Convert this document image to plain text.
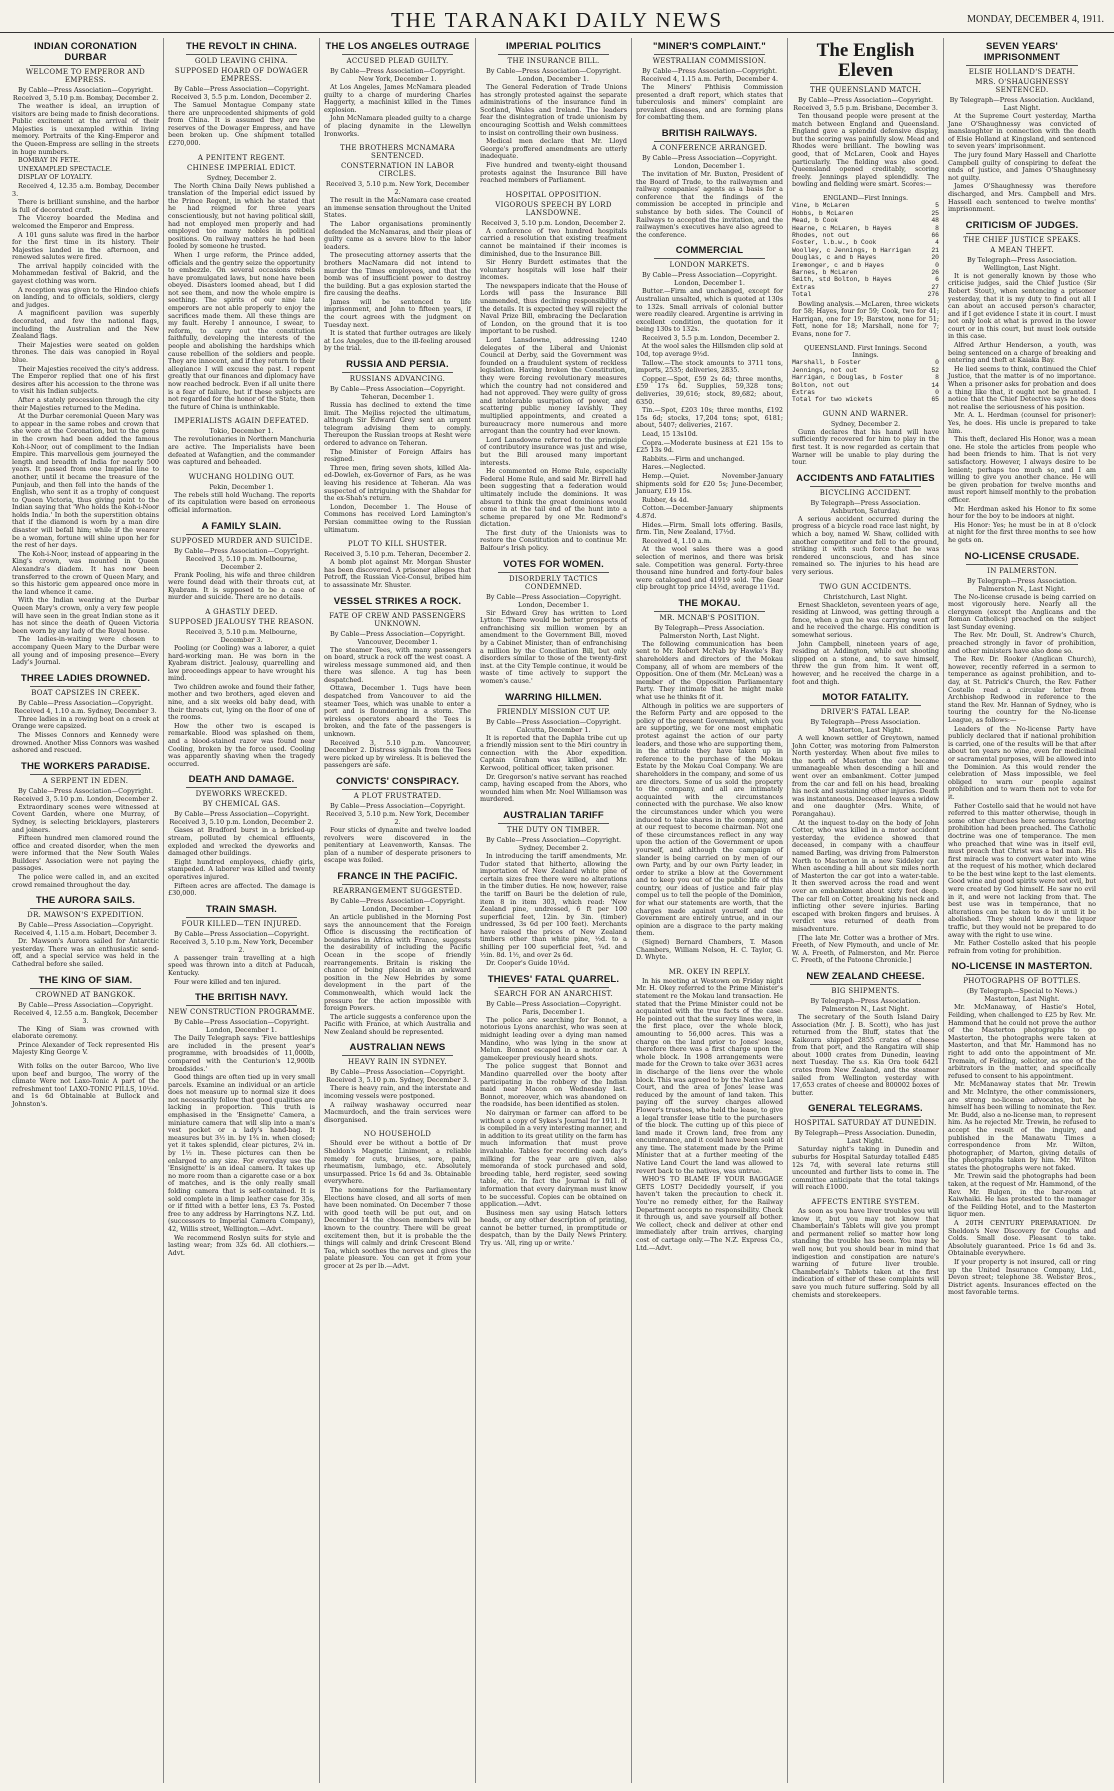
THE TARANAKI DAILY NEWS	MONDAY, DECEMBER 4, 1911.
INDIAN CORONATION DURBAR
WELCOME TO EMPEROR AND EMPRESS.
By Cable—Press Association—Copyright. Received 3, 5.10 p.m. Bombay, December 2.

The weather is ideal, an irruption of visitors are being made to finish decorations. Public excitement at the arrival of their Majesties is unexampled within living memory. Portraits of the King-Emperor and the Queen-Empress are selling in the streets in huge numbers.

BOMBAY IN FETE.

UNEXAMPLED SPECTACLE.

DISPLAY OF LOYALTY.

Received 4, 12.35 a.m. Bombay, December 3.

There is brilliant sunshine, and the harbor is full of decorated craft.

The Viceroy boarded the Medina and welcomed the Emperor and Empress.

A 101 guns salute was fired in the harbor for the first time in its history. Their Majesties landed in the afternoon, and renewed salutes were fired.

The arrival happily coincided with the Mohammedan festival of Bakrid, and the gayest clothing was worn.

A reception was given to the Hindoo chiefs on landing, and to officials, soldiers, clergy and judges.

A magnificent pavilion was superbly decorated, and few the national flags, including the Australian and the New Zealand flags.

Their Majesties were seated on golden thrones. The dais was canopied in Royal blue.

Their Majesties received the city's address. The Emperor replied that one of his first desires after his accession to the throne was to visit his Indian subjects.

After a stately procession through the city their Majesties returned to the Medina.

At the Durbar ceremonial Queen Mary was to appear in the same robes and crown that she wore at the Coronation, but to the gems in the crown had been added the famous Koh-i-Noor, out of compliment to the Indian Empire. This marvellous gem journeyed the length and breadth of India for nearly 500 years. It passed from one Imperial line to another, until it became the treasure of the Punjaub, and then fell into the hands of the English, who sent it as a trophy of conquest to Queen Victoria, thus giving point to the Indian saying that 'Who holds the Koh-i-Noor holds India.' In both the superstition obtains that if the diamond is worn by a man dire disaster will befall him; while if the wearer be a woman, fortune will shine upon her for the rest of her days.

The Koh-i-Noor, instead of appearing in the King's crown, was mounted in Queen Alexandra's diadem. It has now been transferred to the crown of Queen Mary, and so this historic gem appeared once more in the land whence it came.

With the Indian wearing at the Durbar Queen Mary's crown, only a very few people will have seen in the great Indian stone as it has not since the death of Queen Victoria been worn by any lady of the Royal house.

The ladies-in-waiting were chosen to accompany Queen Mary to the Durbar were all young and of imposing presence—Every Lady's Journal.

THREE LADIES DROWNED.
BOAT CAPSIZES IN CREEK.
By Cable—Press Association—Copyright. Received 4, 1.10 a.m. Sydney, December 3.

Three ladies in a rowing boat on a creek at Orange were capsized.

The Misses Connors and Kennedy were drowned. Another Miss Connors was washed ashored and rescued.

THE WORKERS PARADISE.
A SERPENT IN EDEN.
By Cable—Press Association—Copyright. Received 3, 5.10 p.m. London, December 2.

Extraordinary scenes were witnessed at Covent Garden, where one Murray, of Sydney, is selecting bricklayers, plasterers and joiners.

Fifteen hundred men clamored round the office and created disorder, when the men were informed that the New South Wales Builders' Association were not paying the passages.

The police were called in, and an excited crowd remained throughout the day.

THE AURORA SAILS.
DR. MAWSON'S EXPEDITION.
By Cable—Press Association—Copyright. Received 4, 1.15 a.m. Hobart, December 3.

Dr. Mawson's Aurora sailed for Antarctic yesterday. There was an enthusiastic send-off, and a special service was held in the Cathedral before she sailed.

THE KING OF SIAM.
CROWNED AT BANGKOK.
By Cable—Press Association—Copyright. Received 4, 12.55 a.m. Bangkok, December 3.

The King of Siam was crowned with elaborate ceremony.

Prince Alexander of Teck represented His Majesty King George V.

With folks on the outer Barcoo, Who live upon beef and burgoo, The worry of the climate Were not Laxo-Tonic A part of the refreshment too! LAXO-TONIC PILLS, 10½d. and 1s 6d Obtainable at Bullock and Johnston's.

THE REVOLT IN CHINA.
GOLD LEAVING CHINA.
SUPPOSED HOARD OF DOWAGER EMPRESS.
By Cable—Press Association—Copyright. Received 3, 5.5 p.m. London, December 2.

The Samuel Montague Company state there are unprecedented shipments of gold from China. It is assumed they are the reserves of the Dowager Empress, and have been broken up. One shipment totalled £270,000.

A PENITENT REGENT.
CHINESE IMPERIAL EDICT.
Sydney, December 2.

The North China Daily News published a translation of the Imperial edict issued by the Prince Regent, in which he stated that he had reigned for three years conscientiously, but not having political skill, had not employed men properly and had employed too many nobles in political positions. On railway matters he had been fooled by someone he trusted.

When I urge reform, the Prince added, officials and the gentry seize the opportunity to embezzle. On several occasions rebels have promulgated laws, but none have been obeyed. Disasters loomed ahead, but I did not see them, and now the whole empire is seething. The spirits of our nine late emperors are not able properly to enjoy the sacrifices made them. All these things are my fault. Hereby I announce, I swear, to reform, to carry out the constitution faithfully, developing the interests of the people and abolishing the hardships which cause rebellion of the soldiers and people. They are innocent, and if they return to their allegiance I will excuse the past. I repent greatly that our finances and diplomacy have now reached bedrock. Even if all unite there is a fear of failure, but if these subjects are not regarded for the honor of the State, then the future of China is unthinkable.

IMPERIALISTS AGAIN DEFEATED.
Tokio, December 1.

The revolutionaries in Northern Manchuria are active. The Imperialists have been defeated at Wafangtien, and the commander was captured and beheaded.

WUCHANG HOLDING OUT.
Pekin, December 1.

The rebels still hold Wuchang. The reports of its capitulation were based on erroneous official information.

A FAMILY SLAIN.
SUPPOSED MURDER AND SUICIDE.
By Cable—Press Association—Copyright. Received 3, 5.10 p.m. Melbourne, December 2.

Frank Pooling, his wife and three children were found dead with their throats cut, at Kyabram. It is supposed to be a case of murder and suicide. There are no details.

A GHASTLY DEED.
SUPPOSED JEALOUSY THE REASON.
Received 3, 5.10 p.m. Melbourne, December 3.

Pooling (or Cooling) was a laborer, a quiet hard-working man. He was born in the Kyabram district. Jealousy, quarrelling and law proceedings appear to have wrought his mind.

Two children awoke and found their father, mother and two brothers, aged eleven and nine, and a six weeks old baby dead, with their throats cut, lying on the floor of one of the rooms.

How the other two is escaped is remarkable. Blood was splashed on them, and a blood-stained razor was found near Cooling, broken by the force used. Cooling was apparently shaving when the tragedy occurred.

DEATH AND DAMAGE.
DYEWORKS WRECKED.
BY CHEMICAL GAS.
By Cable—Press Association—Copyright. Received 3, 5.10 p.m. London, December 2.

Gases at Bradford burst in a bricked-up stream, polluted by chemical effluents, exploded and wrecked the dyeworks and damaged other buildings.

Eight hundred employees, chiefly girls, stampeded. A laborer was killed and twenty operatives injured.

Fifteen acres are affected. The damage is £30,000.

TRAIN SMASH.
FOUR KILLED—TEN INJURED.
By Cable—Press Association—Copyright. Received 3, 5.10 p.m. New York, December 2.

A passenger train travelling at a high speed was thrown into a ditch at Paducah, Kentucky.

Four were killed and ten injured.

THE BRITISH NAVY.
NEW CONSTRUCTION PROGRAMME.
By Cable—Press Association—Copyright. London, December 1.

The Daily Telegraph says: 'Five battleships are included in the present year's programme, with broadsides of 11,000lb, compared with the Centurion's 12,900lb broadsides.'

Good things are often tied up in very small parcels. Examine an individual or an article does not measure up to normal size it does not necessarily follow that good qualities are lacking in proportion. This truth is emphasised in the 'Ensignette' Camera, a miniature camera that will slip into a man's vest pocket or a lady's hand-bag. It measures but 3½ in. by 1¾ in. when closed; yet it takes splendid, clear pictures, 2¼ in. by 1½ in. These pictures can then be enlarged to any size. For everyday use the 'Ensignette' is an ideal camera. It takes up no more room than a cigarette case or a box of matches, and is the only really small folding camera that is self-contained. It is sold complete in a limp leather case for 35s, or if fitted with a better lens, £3 7s. Posted free to any address by Harringtons N.Z. Ltd. (successors to Imperial Camera Company), 42, Willis street, Wellington.—Advt.

We recommend Roslyn suits for style and lasting wear; from 32s 6d. All clothiers.—Advt.

THE LOS ANGELES OUTRAGE
ACCUSED PLEAD GUILTY.
By Cable—Press Association—Copyright. New York, December 1.

At Los Angeles, James McNamara pleaded guilty to a charge of murdering Charles Haggerty, a machinist killed in the Times explosion.

John McNamara pleaded guilty to a charge of placing dynamite in the Llewellyn Ironworks.

THE BROTHERS MCNAMARA SENTENCED.
CONSTERNATION IN LABOR CIRCLES.
Received 3, 5.10 p.m. New York, December 2.

The result in the MacNamara case created an immense sensation throughout the United States.

The Labor organisations prominently defended the McNamaras, and their pleas of guilty came as a severe blow to the labor leaders.

The prosecuting attorney asserts that the brothers MacNamara did not intend to murder the Times employees, and that the bomb was of insufficient power to destroy the building. But a gas explosion started the fire causing the deaths.

James will be sentenced to life imprisonment, and John to fifteen years, if the court agrees with the judgment on Tuesday next.

It is stated that further outrages are likely at Los Angeles, due to the ill-feeling aroused by the trial.

RUSSIA AND PERSIA.
RUSSIANS ADVANCING.
By Cable—Press Association—Copyright. Teheran, December 1.

Russia has declined to extend the time limit. The Mejliss rejected the ultimatum, although Sir Edward Grey sent an urgent telegram advising them to comply. Thereupon the Russian troops at Resht were ordered to advance on Teheran.

The Minister of Foreign Affairs has resigned.

Three men, firing seven shots, killed Ala-ed-Dowleh, ex-Governor of Fars, as he was leaving his residence at Teheran. Ala was suspected of intriguing with the Shahdar for the ex-Shah's return.

London, December 1. The House of Commons has received Lord Lamington's Persian committee owing to the Russian ultimatum.

PLOT TO KILL SHUSTER.
Received 3, 5.10 p.m. Teheran, December 2.

A bomb plot against Mr. Morgan Shuster has been discovered. A prisoner alleges that Petroff, the Russian Vice-Consul, bribed him to assassinate Mr. Shuster.

VESSEL STRIKES A ROCK.
FATE OF CREW AND PASSENGERS UNKNOWN.
By Cable—Press Association—Copyright. Vancouver, December 1.

The steamer Tees, with many passengers on board, struck a rock off the west coast. A wireless message summoned aid, and then there was silence. A tug has been despatched.

Ottawa, December 1. Tugs have been despatched from Vancouver to aid the steamer Tees, which was unable to enter a port and is floundering in a storm. The wireless operators aboard the Tees is broken, and the fate of the passengers is unknown.

Received 3, 5.10 p.m. Vancouver, December 2. Distress signals from the Tees were picked up by wireless. It is believed the passengers are safe.

CONVICTS' CONSPIRACY.
A PLOT FRUSTRATED.
By Cable—Press Association—Copyright. Received 3, 5.10 p.m. New York, December 2.

Four sticks of dynamite and twelve loaded revolvers were discovered in the penitentiary at Leavenworth, Kansas. The plan of a number of desperate prisoners to escape was foiled.

FRANCE IN THE PACIFIC.
REARRANGEMENT SUGGESTED.
By Cable—Press Association—Copyright. London, December 1.

An article published in the Morning Post says the announcement that the Foreign Office is discussing the rectification of boundaries in Africa with France, suggests the desirability of including the Pacific Ocean in the scope of friendly rearrangements. Britain is risking the chance of being placed in an awkward position in the New Hebrides by some development in the part of the Commonwealth, which would lack the pressure for the action impossible with foreign Powers.

The article suggests a conference upon the Pacific with France, at which Australia and New Zealand should be represented.

AUSTRALIAN NEWS
HEAVY RAIN IN SYDNEY.
By Cable—Press Association—Copyright. Received 3, 5.10 p.m. Sydney, December 3.

There is heavy rain, and the interstate and incoming vessels were postponed.

A railway washaway occurred near Macmurdoch, and the train services were disorganised.

NO HOUSEHOLD

Should ever be without a bottle of Dr Sheldon's Magnetic Liniment, a reliable remedy for cuts, bruises, sore, pains, rheumatism, lumbago, etc. Absolutely unsurpassed. Price 1s 6d and 3s. Obtainable everywhere.

The nominations for the Parliamentary Elections have closed, and all sorts of men have been nominated. On December 7 those with good teeth will be put out, and on December 14 the chosen members will be known to the country. There will be great excitement then, but it is probable the the things will calmly and drink Crescent Blend Tea, which soothes the nerves and gives the palate pleasure. You can get it from your grocer at 2s per lb.—Advt.

IMPERIAL POLITICS
THE INSURANCE BILL.
By Cable—Press Association—Copyright. London, December 1.

The General Federation of Trade Unions has strongly protested against the separate administrations of the insurance fund in Scotland, Wales and Ireland. The leaders fear the disintegration of trade unionism by encouraging Scottish and Welsh committees to insist on controlling their own business.

Medical men declare that Mr. Lloyd George's proffered amendments are utterly inadequate.

Five hundred and twenty-eight thousand protests against the Insurance Bill have reached members of Parliament.

HOSPITAL OPPOSITION.
VIGOROUS SPEECH BY LORD LANSDOWNE.
Received 3, 5.10 p.m. London, December 2.

A conference of two hundred hospitals carried a resolution that existing treatment cannot be maintained if their incomes is diminished, due to the Insurance Bill.

Sir Henry Burdett estimates that the voluntary hospitals will lose half their incomes.

The newspapers indicate that the House of Lords will pass the Insurance Bill unamended, thus declining responsibility of the details. It is expected they will reject the Naval Prize Bill, embracing the Declaration of London, on the ground that it is too important to be rushed.

Lord Lansdowne, addressing 1240 delegates of the Liberal and Unionist Council at Derby, said the Government was founded on a fraudulent system of reckless legislation. Having broken the Constitution, they were forcing revolutionary measures which the country had not considered and had not approved. They were guilty of gross and intolerable usurpation of power, and scattering public money lavishly. They multiplied appointments, and created a bureaucracy more numerous and more arrogant than the country had ever known.

Lord Lansdowne referred to the principle of contributory insurance was just and wise, but the Bill aroused many important interests.

He commented on Home Rule, especially Federal Home Rule, and said Mr. Birrell had been suggesting that a federation would ultimately include the dominions. It was absurd to think the great dominions would come in at the tail end of the hunt into a scheme prepared by one Mr. Redmond's dictation.

The first duty of the Unionists was to restore the Constitution and to continue Mr. Balfour's Irish policy.

VOTES FOR WOMEN.
DISORDERLY TACTICS CONDEMNED.
By Cable—Press Association—Copyright. London, December 1.

Sir Edward Grey has written to Lord Lytton: 'There would be better prospects of enfranchising six million women by an amendment to the Government Bill, moved by a Cabinet Minister, than of enfranchising a million by the Conciliation Bill, but only disorders similar to those of the twenty-first inst. at the City Temple continue, it would be waste of time actively to support the women's cause.'

WARRING HILLMEN.
FRIENDLY MISSION CUT UP.
By Cable—Press Association—Copyright. Calcutta, December 1.

It is reported that the Daphla tribe cut up a friendly mission sent to the Miri country in connection with the Abor expedition. Captain Graham was killed, and Mr. Kerwood, political officer, taken prisoner.

Dr. Gregorson's native servant has reached camp, having escaped from the Abors, who wounded him when Mr. Noel Williamson was murdered.

AUSTRALIAN TARIFF
THE DUTY ON TIMBER.
By Cable—Press Association—Copyright. Sydney, December 2.

In introducing the tariff amendments, Mr. Tudor stated that hitherto, allowing the importation of New Zealand white pine of certain sizes free there were no alterations in the timber duties. He now, however, raise the tariff on Bauri be the deletion of rule, item 8 in item 303, which read: 'New Zealand pine, undressed, 6 ft per 100 superficial feet, 12in. by 3in. (timber) undressed, 3s 6d per 100 feet). Merchants have raised the prices of New Zealand timbers other than white pine, ½d. to a shilling per 100 superficial feet, ¾d. and ½in. 8d. 1½, and over 2s 6d.

Dr. Cooper's Guide 10½d.

THIEVES' FATAL QUARREL.
SEARCH FOR AN ANARCHIST.
By Cable—Press Association—Copyright. Paris, December 1.

The police are searching for Bonnot, a notorious Lyons anarchist, who was seen at midnight leading over a dying man named Mandino, who was lying in the snow at Melun. Bonnot escaped in a motor car. A gamekeeper previously heard shots.

The police suggest that Bonnot and Mandino quarrelled over the booty after participating in the robbery of the Indian maid near Macon on Wednesday last. Bonnot, moreover, which was abandoned on the roadside, has been identified as stolen.

No dairyman or farmer can afford to be without a copy of Sykes's Journal for 1911. It is compiled in a very interesting manner, and in addition to its great utility on the farm has much information that must prove invaluable. Tables for recording each day's milking for the year are given, also memoranda of stock purchased and sold, breeding table, herd register, seed sowing table, etc. In fact the Journal is full of information that every dairyman must know to be successful. Copies can be obtained on application.—Advt.

Business men say using Hatsch letters heads, or any other description of printing, cannot be better turned, in promptitude or despatch, than by the Daily News Printery. Try us. 'All, ring up or write.'

"MINER'S COMPLAINT."
WESTRALIAN COMMISSION.
By Cable—Press Association—Copyright. Received 4, 1.15 a.m. Perth, December 4.

The Miners' Phthisis Commission presented a draft report, which states that tuberculosis and miners' complaint are prevalent diseases, and are forming plans for combatting them.

BRITISH RAILWAYS.
A CONFERENCE ARRANGED.
By Cable—Press Association—Copyright. London, December 1.

The invitation of Mr. Buxton, President of the Board of Trade, to the railwaymen and railway companies' agents as a basis for a conference that the findings of the commission be accepted in principle and substance by both sides. The Council of Railways to accepted the invitation, and the railwaymen's executives have also agreed to the conference.

COMMERCIAL
LONDON MARKETS.
By Cable—Press Association—Copyright. London, December 1.

Butter.—Firm and unchanged, except for Australian unsalted, which is quoted at 130s to 132s. Small arrivals of colonial butter were readily cleared. Argentine is arriving in excellent condition, the quotation for it being 130s to 132s.

Received 3, 5.5 p.m. London, December 2.

At the wool sales the Hillsmden clip sold at 10d, top average 9½d.

Tallow.—The stock amounts to 3711 tons, imports, 2535; deliveries, 2835.

Copper.—Spot, £59 2s 6d; three months, £59 17s 6d. Supplies, 59,328 tons; deliveries, 39,616; stock, 89,682; about, 6350.

Tin.—Spot, £203 10s; three months, £192 15s 6d; stocks, 17,204 tons; spot, 6181; about, 5407; deliveries, 2167.

Lead, 15 13s10d.

Copra.—Moderate business at £21 15s to £25 13s 9d.

Rabbits.—Firm and unchanged.

Hares.—Neglected.

Hemp.—Quiet. November-January shipments sold for £20 5s; June-December, January, £19 15s.

Rubber, 4s 4d.

Cotton.—December-January shipments 4.87d.

Hides.—Firm. Small lots offering. Basils, firm. Tin, New Zealand, 17½d.

Received 4, 1.10 a.m.

At the wool sales there was a good selection of merinos, and there was brisk sale. Competition was general. Forty-three thousand nine hundred and forty-four bales were catalogued and 41919 sold. The Gear clip brought top price 14½d, average 11½d.

THE MOKAU.
MR. MCNAB'S POSITION.
By Telegraph—Press Association. Palmerston North, Last Night.

The following communication has been sent to Mr. Robert McNab by Hawke's Bay shareholders and directors of the Mokau Company, all of whom are members of the Opposition. One of them (Mr. McLean) was a member of the Opposition Parliamentary Party. They intimate that he might make what use he thinks fit of it.

Although in politics we are supporters of the Reform Party and are opposed to the policy of the present Government, which you are supporting, we for one most emphatic protest against the action of our party leaders, and those who are supporting them, in the attitude they have taken up in reference to the purchase of the Mokau Estate by the Mokau Coal Company. We are shareholders in the company, and some of us are directors. Some of us sold the property to the company, and all are intimately acquainted with the circumstances connected with the purchase. We also know the circumstances under which you were induced to take shares in the company, and at our request to become chairman. Not one of these circumstances reflect in any way upon the action of the Government or upon yourself, and although the campaign of slander is being carried on by men of our own Party, and by our own Party leader, in order to strike a blow at the Government and to keep you out of the public life of this country, our ideas of justice and fair play compel us to tell the people of the Dominion, for what our statements are worth, that the charges made against yourself and the Government are entirely untrue, and in our opinion are a disgrace to the party making them.

(Signed) Bernard Chambers, T. Mason Chambers, William Nelson, H. C. Taylor, G. D. Whyte.

MR. OKEY IN REPLY.

In his meeting at Westown on Friday night Mr. H. Okey referred to the Prime Minister's statement re the Mokau land transaction. He stated that the Prime Minister could not be acquainted with the true facts of the case. He pointed out that the survey lines were, in the first place, over the whole block, amounting to 56,000 acres. This was a charge on the land prior to Jones' lease, therefore there was a first charge upon the whole block. In 1908 arrangements were made for the Crown to take over 3631 acres in discharge of the liens over the whole block. This was agreed to by the Native Land Court, and the area of Jones' lease was reduced by the amount of land taken. This paying off the survey charges allowed Flower's trustees, who held the lease, to give a legal transfer lease title to the purchasers of the block. The cutting up of this piece of land made it Crown land, free from any encumbrance, and it could have been sold at any time. The statement made by the Prime Minister that at a further meeting of the Native Land Court the land was allowed to revert back to the natives, was untrue.

WHO'S TO BLAME IF YOUR BAGGAGE GETS LOST? Decidedly yourself, if you haven't taken the precaution to check it. You're no remedy either, for the Railway Department accepts no responsibility. Check it through us, and save yourself all bother. We collect, check and deliver at other end immediately after train arrives, charging cost of cartage only.—The N.Z. Express Co., Ltd.—Advt.

The English Eleven
THE QUEENSLAND MATCH.
By Cable—Press Association—Copyright. Received 3, 5.5 p.m. Brisbane, December 3.

Ten thousand people were present at the match between England and Queensland. England gave a splendid defensive display, but the scoring was painfully slow. Mead and Rhodes were brilliant. The bowling was good, that of McLaren, Cook and Hayes particularly. The fielding was also good. Queensland opened creditably, scoring freely. Jennings played splendidly. The bowling and fielding were smart. Scores:—

ENGLAND—First Innings.
Vine, b McLaren	5
Hobbs, b McLaren	25
Mead, b Cook	48
Hearne, c McLaren, b Hayes	8
Rhodes, not out	66
Foster, l.b.w., b Cook	4
Woolley, c Jennings, b Harrigan	21
Douglas, c and b Hayes	20
Iremonger, c and b Hayes	0
Barnes, b McLaren	26
Smith, std Bolton, b Hayes	6
Extras	27
Total	276

Bowling analysis.—McLaren, three wickets for 58; Hayes, four for 59; Cook, two for 41; Harrigan, one for 19; Barstow, none for 51; Fett, none for 18; Marshall, none for 7; Evans, none for 7.

QUEENSLAND. First Innings. Second Innings.
Marshall, b Foster	0
Jennings, not out	52
Harrigan, c Douglas, b Foster	8
Bolton, not out	14
Extras	0
Total for two wickets	65
GUNN AND WARNER.
Sydney, December 2.

Gunn declares that his hand will have sufficiently recovered for him to play in the first test. It is now regarded as certain that Warner will be unable to play during the tour.

ACCIDENTS AND FATALITIES
BICYCLING ACCIDENT.
By Telegraph—Press Association. Ashburton, Saturday.

A serious accident occurred during the progress of a bicycle road race last night, by which a boy, named W. Shaw, collided with another competitor and fell to the ground, striking it with such force that he was rendered unconscious, and has since remained so. The injuries to his head are very serious.

TWO GUN ACCIDENTS.
Christchurch, Last Night.

Ernest Shackleton, seventeen years of age, residing at Linwood, was getting through a fence, when a gun he was carrying went off and he received the charge. His condition is somewhat serious.

John Campbell, nineteen years of age, residing at Addington, while out shooting slipped on a stone, and, to save himself, threw the gun from him. It went off, however, and he received the charge in a foot and thigh.

MOTOR FATALITY.
DRIVER'S FATAL LEAP.
By Telegraph—Press Association. Masterton, Last Night.

A well known settler of Greytown, named John Cotter, was motoring from Palmerston North yesterday. When about five miles to the north of Masterton the car became unmanageable when descending a hill and went over an embankment. Cotter jumped from the car and fell on his head, breaking his neck and sustaining other injuries. Death was instantaneous. Deceased leaves a widow and one daughter (Mrs. White, of Porangahau).

At the inquest to-day on the body of John Cotter, who was killed in a motor accident yesterday, the evidence showed that deceased, in company with a chauffeur named Barling, was driving from Palmerston North to Masterton in a new Siddeley car. When ascending a hill about six miles north of Masterton the car got into a water-table. It then swerved across the road and went over an embankment about sixty feet deep. The car fell on Cotter, breaking his neck and inflicting other severe injuries. Barling escaped with broken fingers and bruises. A verdict was returned of death from misadventure.

[The late Mr. Cotter was a brother of Mrs. Freeth, of New Plymouth, and uncle of Mr. W. A. Freeth, of Palmerston, and Mr. Pierce C. Freeth, of the Patoone Chronicle.]

NEW ZEALAND CHEESE.
BIG SHIPMENTS.
By Telegraph—Press Association. Palmerston N., Last Night.

The secretary of the South Island Dairy Association (Mr. J. B. Scott), who has just returned from the Bluff, states that the Kaikoura shipped 2855 crates of cheese from that port, and the Rangatira will ship about 1000 crates from Dunedin, leaving next Tuesday. The s.s. Kia Ora took 6421 crates from New Zealand, and the steamer sailed from Wellington yesterday with 17,653 crates of cheese and 800002 boxes of butter.

GENERAL TELEGRAMS.
HOSPITAL SATURDAY AT DUNEDIN.
By Telegraph—Press Association. Dunedin, Last Night.

Saturday night's taking in Dunedin and suburbs for Hospital Saturday totalled £485 12s 7d, with several late returns still uncounted and further lists to come in. The committee anticipate that the total takings will reach £1000.

AFFECTS ENTIRE SYSTEM.

As soon as you have liver troubles you will know it, but you may not know that Chamberlain's Tablets will give you prompt and permanent relief so matter how long standing the trouble has been. You may be well now, but you should bear in mind that indigestion and constipation are nature's warning of future liver trouble. Chamberlain's Tablets taken at the first indication of either of these complaints will save you much future suffering. Sold by all chemists and storekeepers.

SEVEN YEARS' IMPRISONMENT
ELSIE HOLLAND'S DEATH.
MRS. O'SHAUGHNESSY SENTENCED.
By Telegraph—Press Association. Auckland, Last Night.

At the Supreme Court yesterday, Martha Jane O'Shaughnessy was convicted of manslaughter in connection with the death of Elsie Holland at Kingsland, and sentenced to seven years' imprisonment.

The jury found Mary Hassell and Charlotte Campbell guilty of conspiring to defeat the ends of justice, and James O'Shaughnessy not guilty.

James O'Shaughnessy was therefore discharged, and Mrs. Campbell and Mrs. Hassell each sentenced to twelve months' imprisonment.

CRITICISM OF JUDGES.
THE CHIEF JUSTICE SPEAKS.
A MEAN THEFT.
By Telegraph—Press Association. Wellington, Last Night.

It is not generally known by those who criticise judges, said the Chief Justice (Sir Robert Stout), when sentencing a prisoner yesterday, that it is my duty to find out all I can about an accused person's character, and if I get evidence I state it in court. I must not only look at what is proved in the lower court or in this court, but must look outside in this case.

Alfred Arthur Henderson, a youth, was being sentenced on a charge of breaking and entering and theft at Kaiaka Bay.

He lied seems to think, continued the Chief Justice, that the matter is of no importance. When a prisoner asks for probation and does a thing like that, it ought not be granted. I notice that the Chief Detective says he does not realise the seriousness of his position.

Mr. A. L. Herdman (counsel for prisoner): Yes, he does. His uncle is prepared to take him.

This theft, declared His Honor, was a mean one. He stole the articles from people who had been friends to him. That is not very satisfactory. However, I always desire to be lenient; perhaps too much so, and I am willing to give you another chance. He will be given probation for twelve months and must report himself monthly to the probation officer.

Mr. Herdman asked his Honor to fix some hour for the boy to be indoors at night.

His Honor: Yes; he must be in at 8 o'clock at night for the first three months to see how he gets on.

NO-LICENSE CRUSADE.
IN PALMERSTON.
By Telegraph—Press Association. Palmerston N., Last Night.

The No-license crusade is being carried on most vigorously here. Nearly all the clergymen (except the Anglicans and the Roman Catholics) preached on the subject last Sunday evening.

The Rev. Mr. Doull, St. Andrew's Church, preached strongly in favor of prohibition, and other ministers have also done so.

The Rev. Dr. Rooker (Anglican Church), however, recently referred in a sermon to temperance as against prohibition, and to-day, at St. Patrick's Church, the Rev. Father Costello read a circular letter from Archbishop Redwood in reference to the stand the Rev. Mr. Hannan of Sydney, who is touring the country for the No-license League, as follows:—

Leaders of the No-license Party have publicly declared that if national prohibition is carried, one of the results will be that after about ten years no wine, even for medicinal or sacramental purposes, will be allowed into the Dominion. As this would render the celebration of Mass impossible, we feel obliged to warn our people against prohibition and to warn them not to vote for it.

Father Costello said that he would not have referred to this matter otherwise, though in some other churches here sermons favoring prohibition had been preached. The Catholic doctrine was one of temperance. The men who preached that wine was in itself evil, must preach that Christ was a bad man. His first miracle was to convert water into wine at the request of his mother, which declared to be the best wine kept to the last elements. Good wine and good spirits were not evil, but were created by God himself. He saw no evil in it, and were not lacking from that. The best use was in temperance, that no alterations can be taken to do it until it be abolished. They should know the liquor traffic, but they would not be prepared to do away with the right to use wine.

Mr. Father Costello asked that his people refrain from voting for prohibition.

NO-LICENSE IN MASTERTON.
PHOTOGRAPHS OF BOTTLES.
(By Telegraph—Special to News.) Masterton, Last Night.

Mr. McManaway, of Hastie's Hotel, Feilding, when challenged to £25 by Rev. Mr. Hammond that he could not prove the author of the Masterton photographs to go Masterton, the photographs were taken at Masterton, and that Mr. Hammond has no right to add onto the appointment of Mr. Tremain, of Feilding, solicitor, as one of the arbitrators in the matter, and specifically refused to consent to his appointment.

Mr. McManaway states that Mr. Trewin and Mr. McIntyre, the other commissioners, are strong no-license advocates, but he himself has been willing to nominate the Rev. Mr. Budd, also a no-license man, to represent him. As he rejected Mr. Trewin, he refused to accept the result of the inquiry, and published in the Manawatu Times a correspondence from Mr. Wilton, photographer, of Marton, giving details of the photographs taken by him. Mr. Wilton states the photographs were not faked.

Mr. Trewin said the photographs had been taken, at the request of Mr. Hammond, of the Rev. Mr. Bulgen, in the bar-room at Kaiwhaiki. He has protested to the manager of the Feilding Hotel, and to the Masterton liquor men.

A 20TH CENTURY PREPARATION. Dr Sheldon's New Discovery for Coughs and Colds. Small dose. Pleasant to take. Absolutely guaranteed. Price 1s 6d and 3s. Obtainable everywhere.

If your property is not insured, call or ring up the United Insurance Company, Ltd., Devon street; telephone 38. Webster Bros., District agents. Insurances effected on the most favorable terms.
